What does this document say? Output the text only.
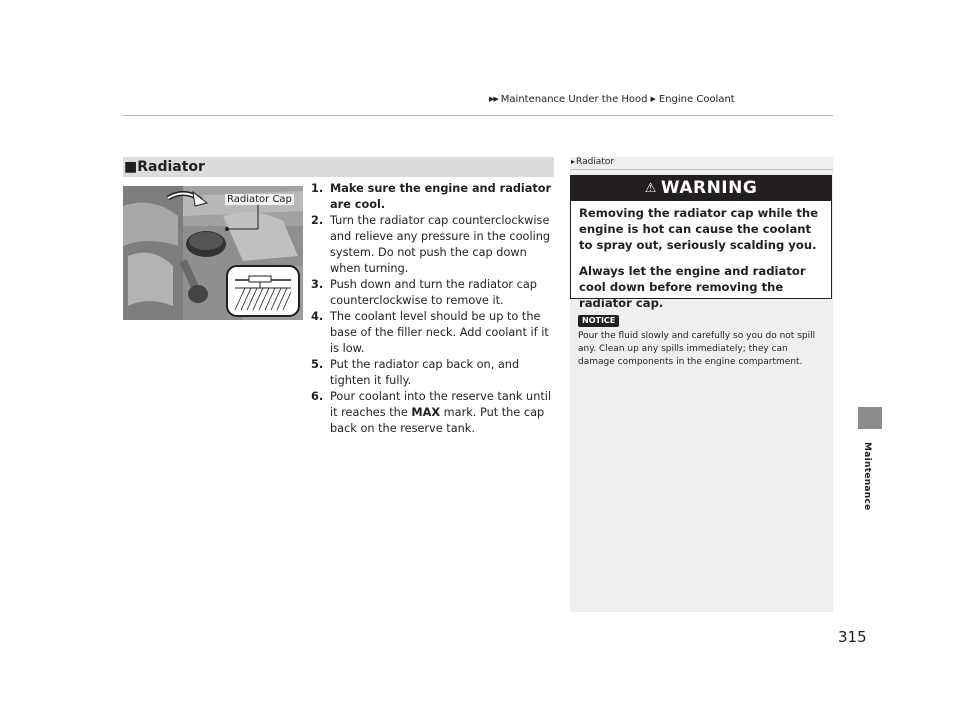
▶▶ Maintenance Under the Hood ▶ Engine Coolant
Maintenance
■Radiator
Radiator Cap
1. Make sure the engine and radiator are cool.
2. Turn the radiator cap counterclockwise and relieve any pressure in the cooling system. Do not push the cap down when turning.
3. Push down and turn the radiator cap counterclockwise to remove it.
4. The coolant level should be up to the base of the filler neck. Add coolant if it is low.
5. Put the radiator cap back on, and tighten it fully.
6. Pour coolant into the reserve tank until it reaches the MAX mark. Put the cap back on the reserve tank.
▸Radiator
⚠ WARNING

Removing the radiator cap while the engine is hot can cause the coolant to spray out, seriously scalding you.

Always let the engine and radiator cool down before removing the radiator cap.

NOTICE
Pour the fluid slowly and carefully so you do not spill any. Clean up any spills immediately; they can damage components in the engine compartment.
315
